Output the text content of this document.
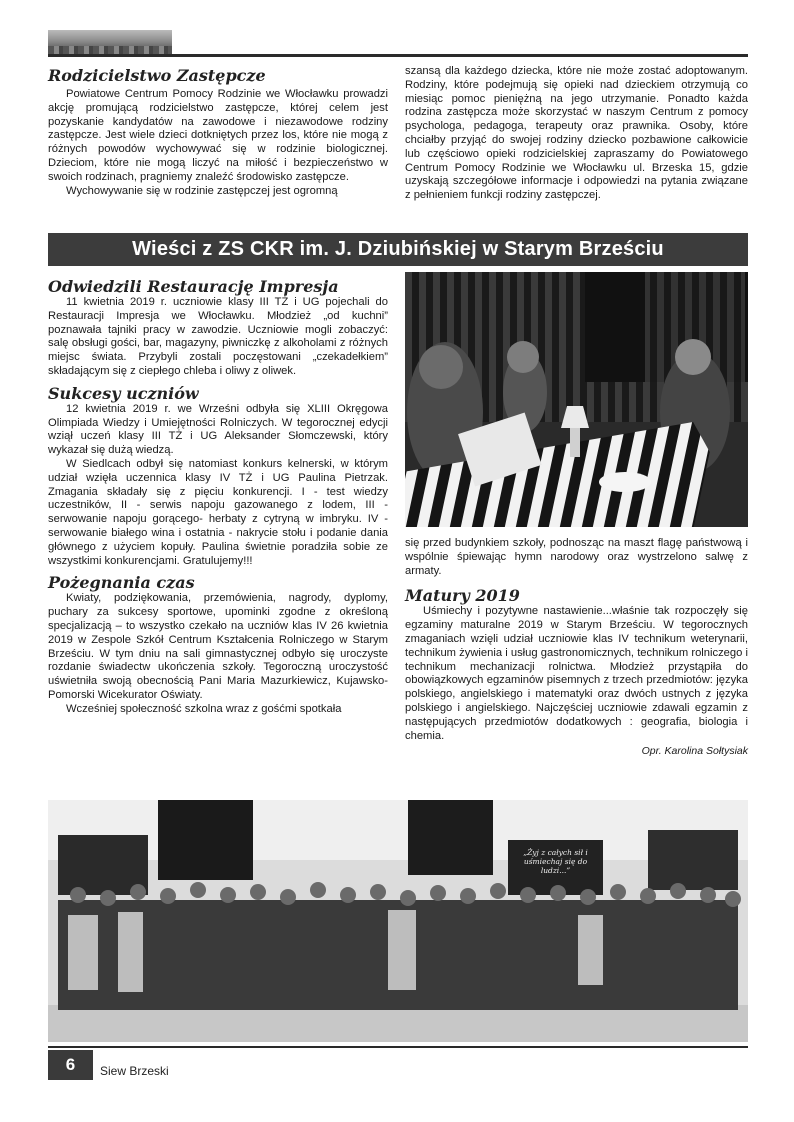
Rodzicielstwo Zastępcze

Powiatowe Centrum Pomocy Rodzinie we Włocławku prowadzi akcję promującą rodzicielstwo zastępcze, której celem jest pozyskanie kandydatów na zawodowe i niezawodowe rodziny zastępcze. Jest wiele dzieci dotkniętych przez los, które nie mogą z różnych powodów wychowywać się w rodzinie biologicznej. Dzieciom, które nie mogą liczyć na miłość i bezpieczeństwo w swoich rodzinach, pragniemy znaleźć środowisko zastępcze.

Wychowywanie się w rodzinie zastępczej jest ogromną

szansą dla każdego dziecka, które nie może zostać adoptowanym. Rodziny, które podejmują się opieki nad dzieckiem otrzymują co miesiąc pomoc pieniężną na jego utrzymanie. Ponadto każda rodzina zastępcza może skorzystać w naszym Centrum z pomocy psychologa, pedagoga, terapeuty oraz prawnika. Osoby, które chciałby przyjąć do swojej rodziny dziecko pozbawione całkowicie lub częściowo opieki rodzicielskiej zapraszamy do Powiatowego Centrum Pomocy Rodzinie we Włocławku ul. Brzeska 15, gdzie uzyskają szczegółowe informacje i odpowiedzi na pytania związane z pełnieniem funkcji rodziny zastępczej.

Wieści z ZS CKR im. J. Dziubińskiej w Starym Brześciu
Odwiedzili Restaurację Impresja

11 kwietnia 2019 r. uczniowie klasy III TŻ i UG pojechali do Restauracji Impresja we Włocławku. Młodzież „od kuchni” poznawała tajniki pracy w zawodzie. Uczniowie mogli zobaczyć: salę obsługi gości, bar, magazyny, piwniczkę z alkoholami z różnych miejsc świata. Przybyli zostali poczęstowani „czekadełkiem” składającym się z ciepłego chleba i oliwy z oliwek.

Sukcesy uczniów

12 kwietnia 2019 r. we Wrześni odbyła się XLIII Okręgowa Olimpiada Wiedzy i Umiejętności Rolniczych. W tegorocznej edycji wziął uczeń klasy III TŻ i UG Aleksander Słomczewski, który wykazał się dużą wiedzą.

W Siedlcach odbył się natomiast konkurs kelnerski, w którym udział wzięła uczennica klasy IV TŻ i UG Paulina Pietrzak. Zmagania składały się z pięciu konkurencji. I - test wiedzy uczestników, II - serwis napoju gazowanego z lodem, III - serwowanie napoju gorącego- herbaty z cytryną w imbryku. IV - serwowanie białego wina i ostatnia - nakrycie stołu i podanie dania głównego z użyciem kopuły. Paulina świetnie poradziła sobie ze wszystkimi konkurencjami. Gratulujemy!!!

Pożegnania czas

Kwiaty, podziękowania, przemówienia, nagrody, dyplomy, puchary za sukcesy sportowe, upominki zgodne z określoną specjalizacją – to wszystko czekało na uczniów klas IV 26 kwietnia 2019 w Zespole Szkół Centrum Kształcenia Rolniczego w Starym Brześciu. W tym dniu na sali gimnastycznej odbyło się uroczyste rozdanie świadectw ukończenia szkoły. Tegoroczną uroczystość uświetniła swoją obecnością Pani Maria Mazurkiewicz, Kujawsko-Pomorski Wicekurator Oświaty.

Wcześniej społeczność szkolna wraz z gośćmi spotkała

się przed budynkiem szkoły, podnosząc na maszt flagę państwową i wspólnie śpiewając hymn narodowy oraz wystrzelono salwę z armaty.

Matury 2019

Uśmiechy i pozytywne nastawienie...właśnie tak rozpoczęły się egzaminy maturalne 2019 w Starym Brześciu. W tegorocznych zmaganiach wzięli udział uczniowie klas IV technikum weterynarii, technikum żywienia i usług gastronomicznych, technikum rolniczego i technikum mechanizacji rolnictwa. Młodzież przystąpiła do obowiązkowych egzaminów pisemnych z trzech przedmiotów: języka polskiego, angielskiego i matematyki oraz dwóch ustnych z języka polskiego i angielskiego. Najczęściej uczniowie zdawali egzamin z następujących przedmiotów dodatkowych : geografia, biologia i chemia.

Opr. Karolina Sołtysiak
„Żyj z całych sił i uśmiechaj się do ludzi...”
6	Siew Brzeski
